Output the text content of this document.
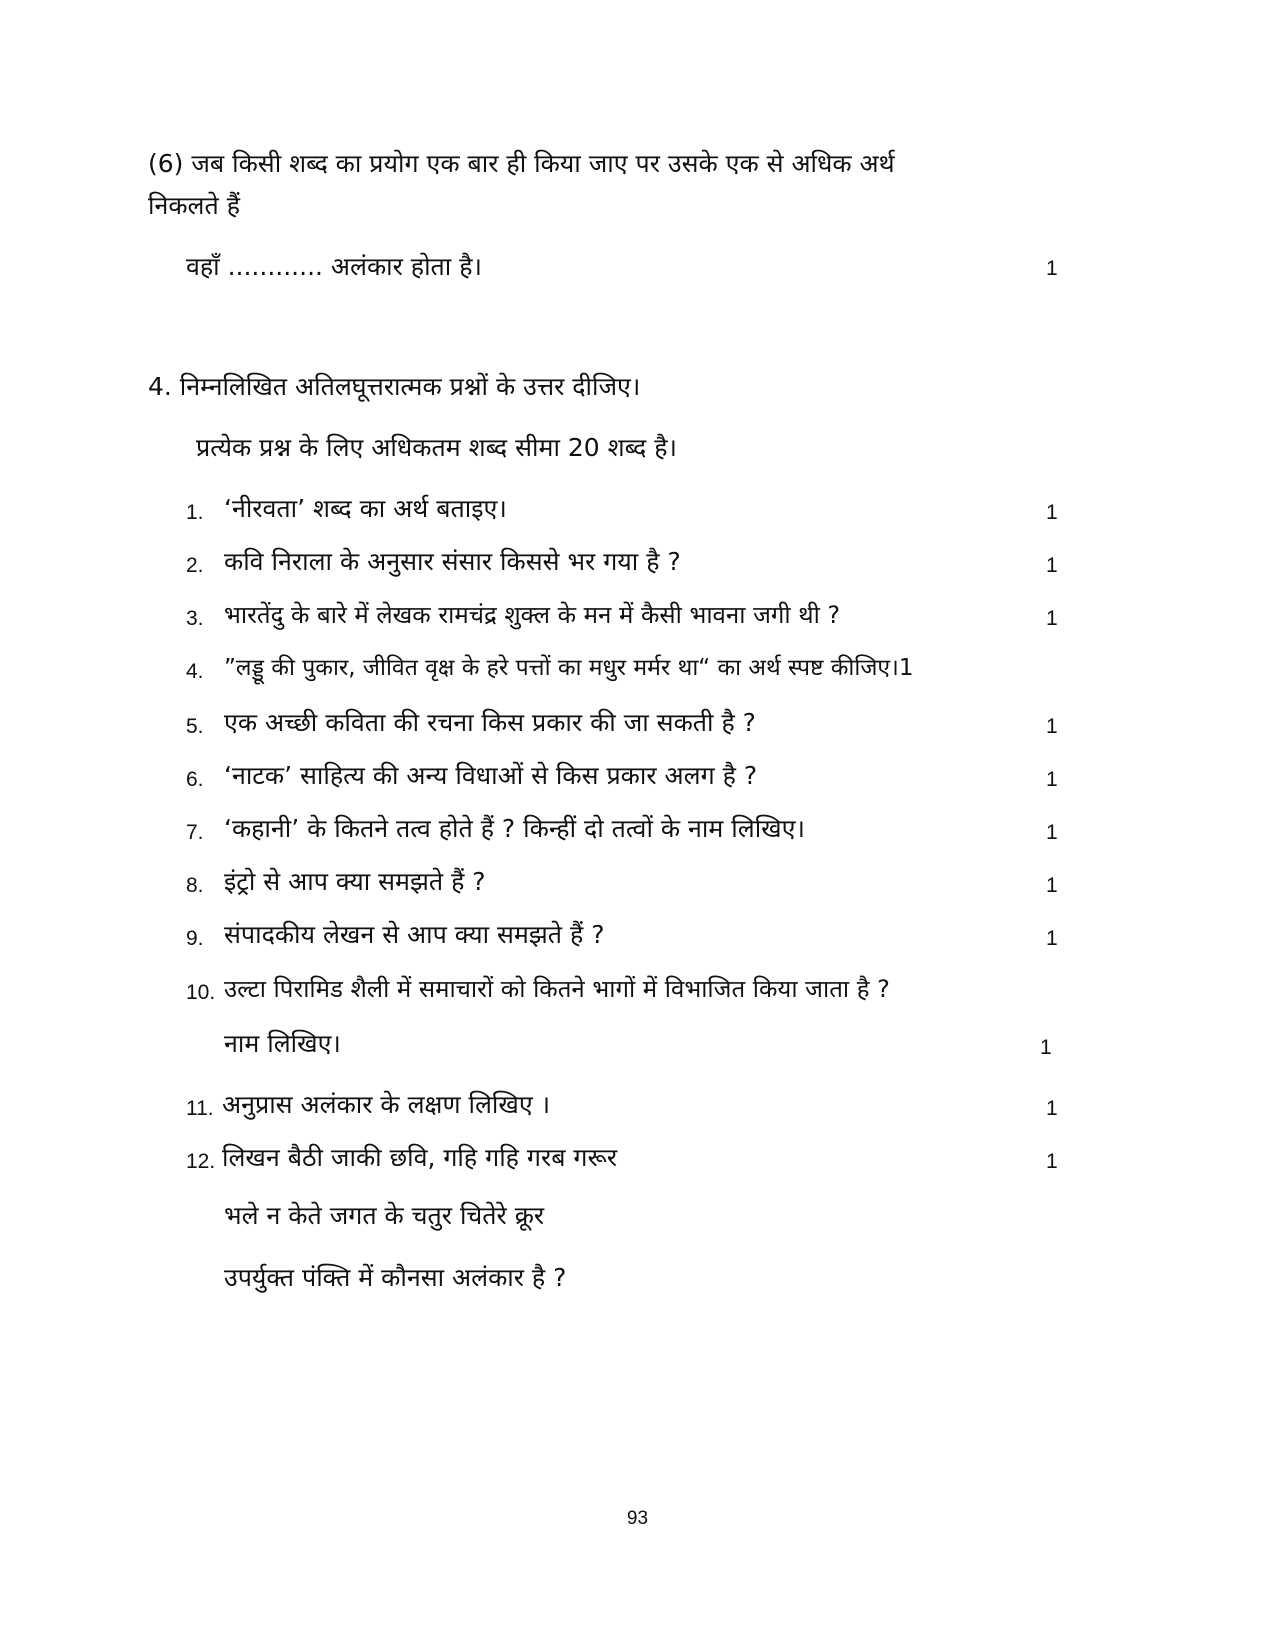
(6) जब किसी शब्द का प्रयोग एक बार ही किया जाए पर उसके एक से अधिक अर्थ
निकलते हैं
वहाँ ............ अलंकार होता है।	1
4. निम्नलिखित अतिलघूत्तरात्मक प्रश्नों के उत्तर दीजिए।
प्रत्येक प्रश्न के लिए अधिकतम शब्द सीमा 20 शब्द है।
1. ‘नीरवता’ शब्द का अर्थ बताइए।	1
2. कवि निराला के अनुसार संसार किससे भर गया है ?	1
3. भारतेंदु के बारे में लेखक रामचंद्र शुक्ल के मन में कैसी भावना जगी थी ?	1
4. ”लड्डू की पुकार, जीवित वृक्ष के हरे पत्तों का मधुर मर्मर था“ का अर्थ स्पष्ट कीजिए।1
5. एक अच्छी कविता की रचना किस प्रकार की जा सकती है ?	1
6. ‘नाटक’ साहित्य की अन्य विधाओं से किस प्रकार अलग है ?	1
7. ‘कहानी’ के कितने तत्व होते हैं ? किन्हीं दो तत्वों के नाम लिखिए।	1
8. इंट्रो से आप क्या समझते हैं ?	1
9. संपादकीय लेखन से आप क्या समझते हैं ?	1
10. उल्टा पिरामिड शैली में समाचारों को कितने भागों में विभाजित किया जाता है ?
नाम लिखिए।	1
11. अनुप्रास अलंकार के लक्षण लिखिए ।	1
12. लिखन बैठी जाकी छवि, गहि गहि गरब गरूर	1
भले न केते जगत के चतुर चितेरे क्रूर
उपर्युक्त पंक्ति में कौनसा अलंकार है ?
93
